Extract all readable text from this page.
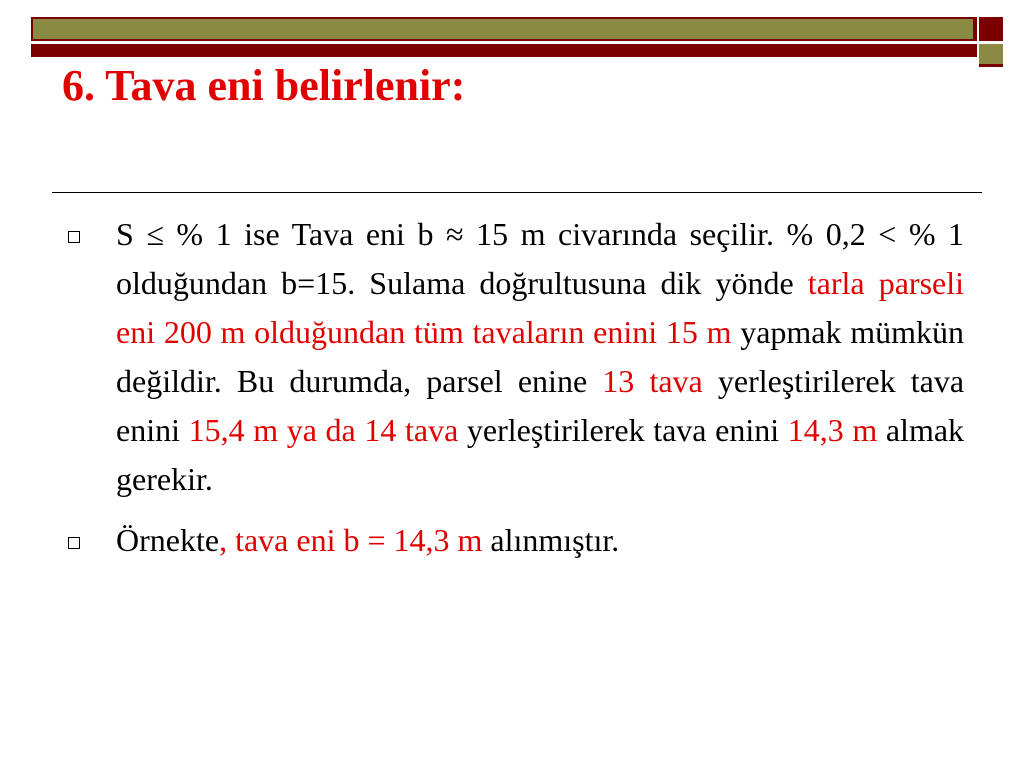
6. Tava eni belirlenir:

S ≤ % 1 ise Tava eni b ≈ 15 m civarında seçilir. % 0,2 < % 1 olduğundan b=15. Sulama doğrultusuna dik yönde tarla parseli eni 200 m olduğundan tüm tavaların enini 15 m yapmak mümkün değildir. Bu durumda, parsel enine 13 tava yerleştirilerek tava enini 15,4 m ya da 14 tava yerleştirilerek tava enini 14,3 m almak gerekir.

Örnekte, tava eni b = 14,3 m alınmıştır.
